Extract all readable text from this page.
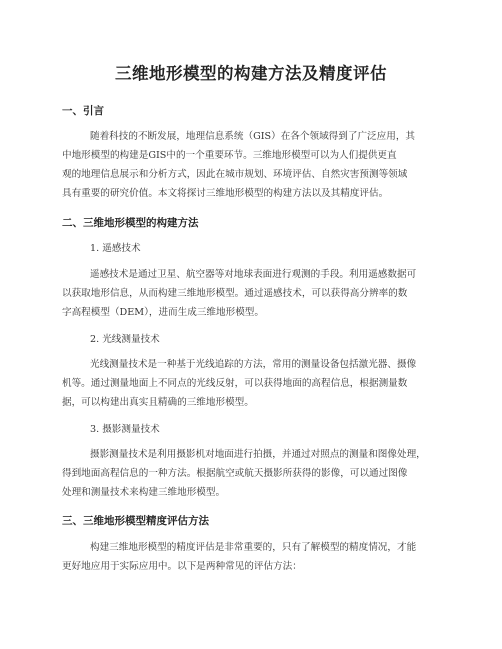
三维地形模型的构建方法及精度评估
一、引言
随着科技的不断发展，地理信息系统（GIS）在各个领域得到了广泛应用，其
中地形模型的构建是GIS中的一个重要环节。三维地形模型可以为人们提供更直
观的地理信息展示和分析方式，因此在城市规划、环境评估、自然灾害预测等领域
具有重要的研究价值。本文将探讨三维地形模型的构建方法以及其精度评估。
二、三维地形模型的构建方法
1. 遥感技术
遥感技术是通过卫星、航空器等对地球表面进行观测的手段。利用遥感数据可
以获取地形信息，从而构建三维地形模型。通过遥感技术，可以获得高分辨率的数
字高程模型（DEM），进而生成三维地形模型。
2. 光线测量技术
光线测量技术是一种基于光线追踪的方法，常用的测量设备包括激光器、摄像
机等。通过测量地面上不同点的光线反射，可以获得地面的高程信息，根据测量数
据，可以构建出真实且精确的三维地形模型。
3. 摄影测量技术
摄影测量技术是利用摄影机对地面进行拍摄，并通过对照点的测量和图像处理，
得到地面高程信息的一种方法。根据航空或航天摄影所获得的影像，可以通过图像
处理和测量技术来构建三维地形模型。
三、三维地形模型精度评估方法
构建三维地形模型的精度评估是非常重要的，只有了解模型的精度情况，才能
更好地应用于实际应用中。以下是两种常见的评估方法：
